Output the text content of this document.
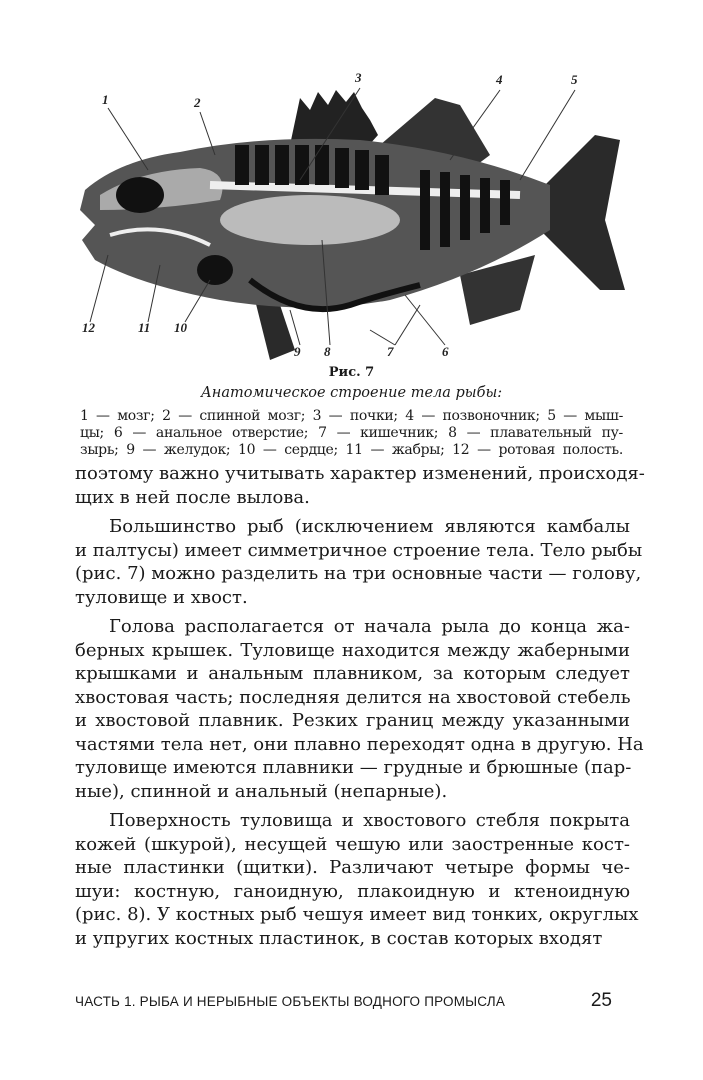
1	2
3	4	5
6
7
8
9
10
11
12
Рис. 7
Анатомическое строение тела рыбы:
1 — мозг; 2 — спинной мозг; 3 — почки; 4 — позвоночник; 5 — мыш-
цы; 6 — анальное отверстие; 7 — кишечник; 8 — плавательный пу-
зырь; 9 — желудок; 10 — сердце; 11 — жабры; 12 — ротовая полость.
поэтому важно учитывать характер изменений, происходя-
щих в ней после вылова.
Большинство рыб (исключением являются камбалы
и палтусы) имеет симметричное строение тела. Тело рыбы
(рис. 7) можно разделить на три основные части — голову,
туловище и хвост.
Голова располагается от начала рыла до конца жа-
берных крышек. Туловище находится между жаберными
крышками и анальным плавником, за которым следует
хвостовая часть; последняя делится на хвостовой стебель
и хвостовой плавник. Резких границ между указанными
частями тела нет, они плавно переходят одна в другую. На
туловище имеются плавники — грудные и брюшные (пар-
ные), спинной и анальный (непарные).
Поверхность туловища и хвостового стебля покрыта
кожей (шкурой), несущей чешую или заостренные кост-
ные пластинки (щитки). Различают четыре формы че-
шуи: костную, ганоидную, плакоидную и ктеноидную
(рис. 8). У костных рыб чешуя имеет вид тонких, округлых
и упругих костных пластинок, в состав которых входят
ЧАСТЬ 1. РЫБА И НЕРЫБНЫЕ ОБЪЕКТЫ ВОДНОГО ПРОМЫСЛА	25
